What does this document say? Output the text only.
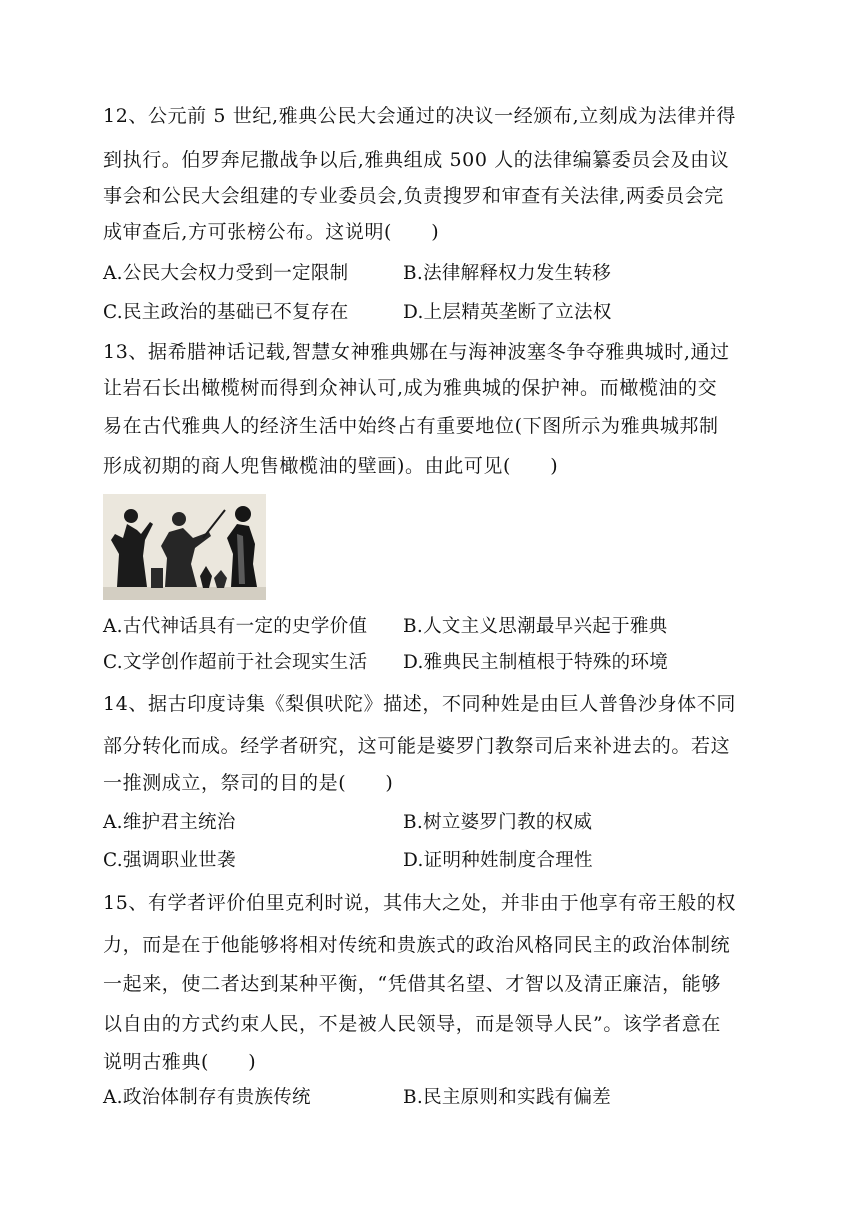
12、公元前 5 世纪,雅典公民大会通过的决议一经颁布,立刻成为法律并得
到执行。伯罗奔尼撒战争以后,雅典组成 500 人的法律编纂委员会及由议
事会和公民大会组建的专业委员会,负责搜罗和审查有关法律,两委员会完
成审查后,方可张榜公布。这说明(　　)
A.公民大会权力受到一定限制	B.法律解释权力发生转移
C.民主政治的基础已不复存在	D.上层精英垄断了立法权
13、据希腊神话记载,智慧女神雅典娜在与海神波塞冬争夺雅典城时,通过
让岩石长出橄榄树而得到众神认可,成为雅典城的保护神。而橄榄油的交
易在古代雅典人的经济生活中始终占有重要地位(下图所示为雅典城邦制
形成初期的商人兜售橄榄油的壁画)。由此可见(　　)
A.古代神话具有一定的史学价值 B.人文主义思潮最早兴起于雅典
C.文学创作超前于社会现实生活 D.雅典民主制植根于特殊的环境
14、据古印度诗集《梨俱吠陀》描述，不同种姓是由巨人普鲁沙身体不同
部分转化而成。经学者研究，这可能是婆罗门教祭司后来补进去的。若这
一推测成立，祭司的目的是(　　)
A.维护君主统治	B.树立婆罗门教的权威
C.强调职业世袭	D.证明种姓制度合理性
15、有学者评价伯里克利时说，其伟大之处，并非由于他享有帝王般的权
力，而是在于他能够将相对传统和贵族式的政治风格同民主的政治体制统
一起来，使二者达到某种平衡，“凭借其名望、才智以及清正廉洁，能够
以自由的方式约束人民，不是被人民领导，而是领导人民”。该学者意在
说明古雅典(　　)
A.政治体制存有贵族传统	B.民主原则和实践有偏差
